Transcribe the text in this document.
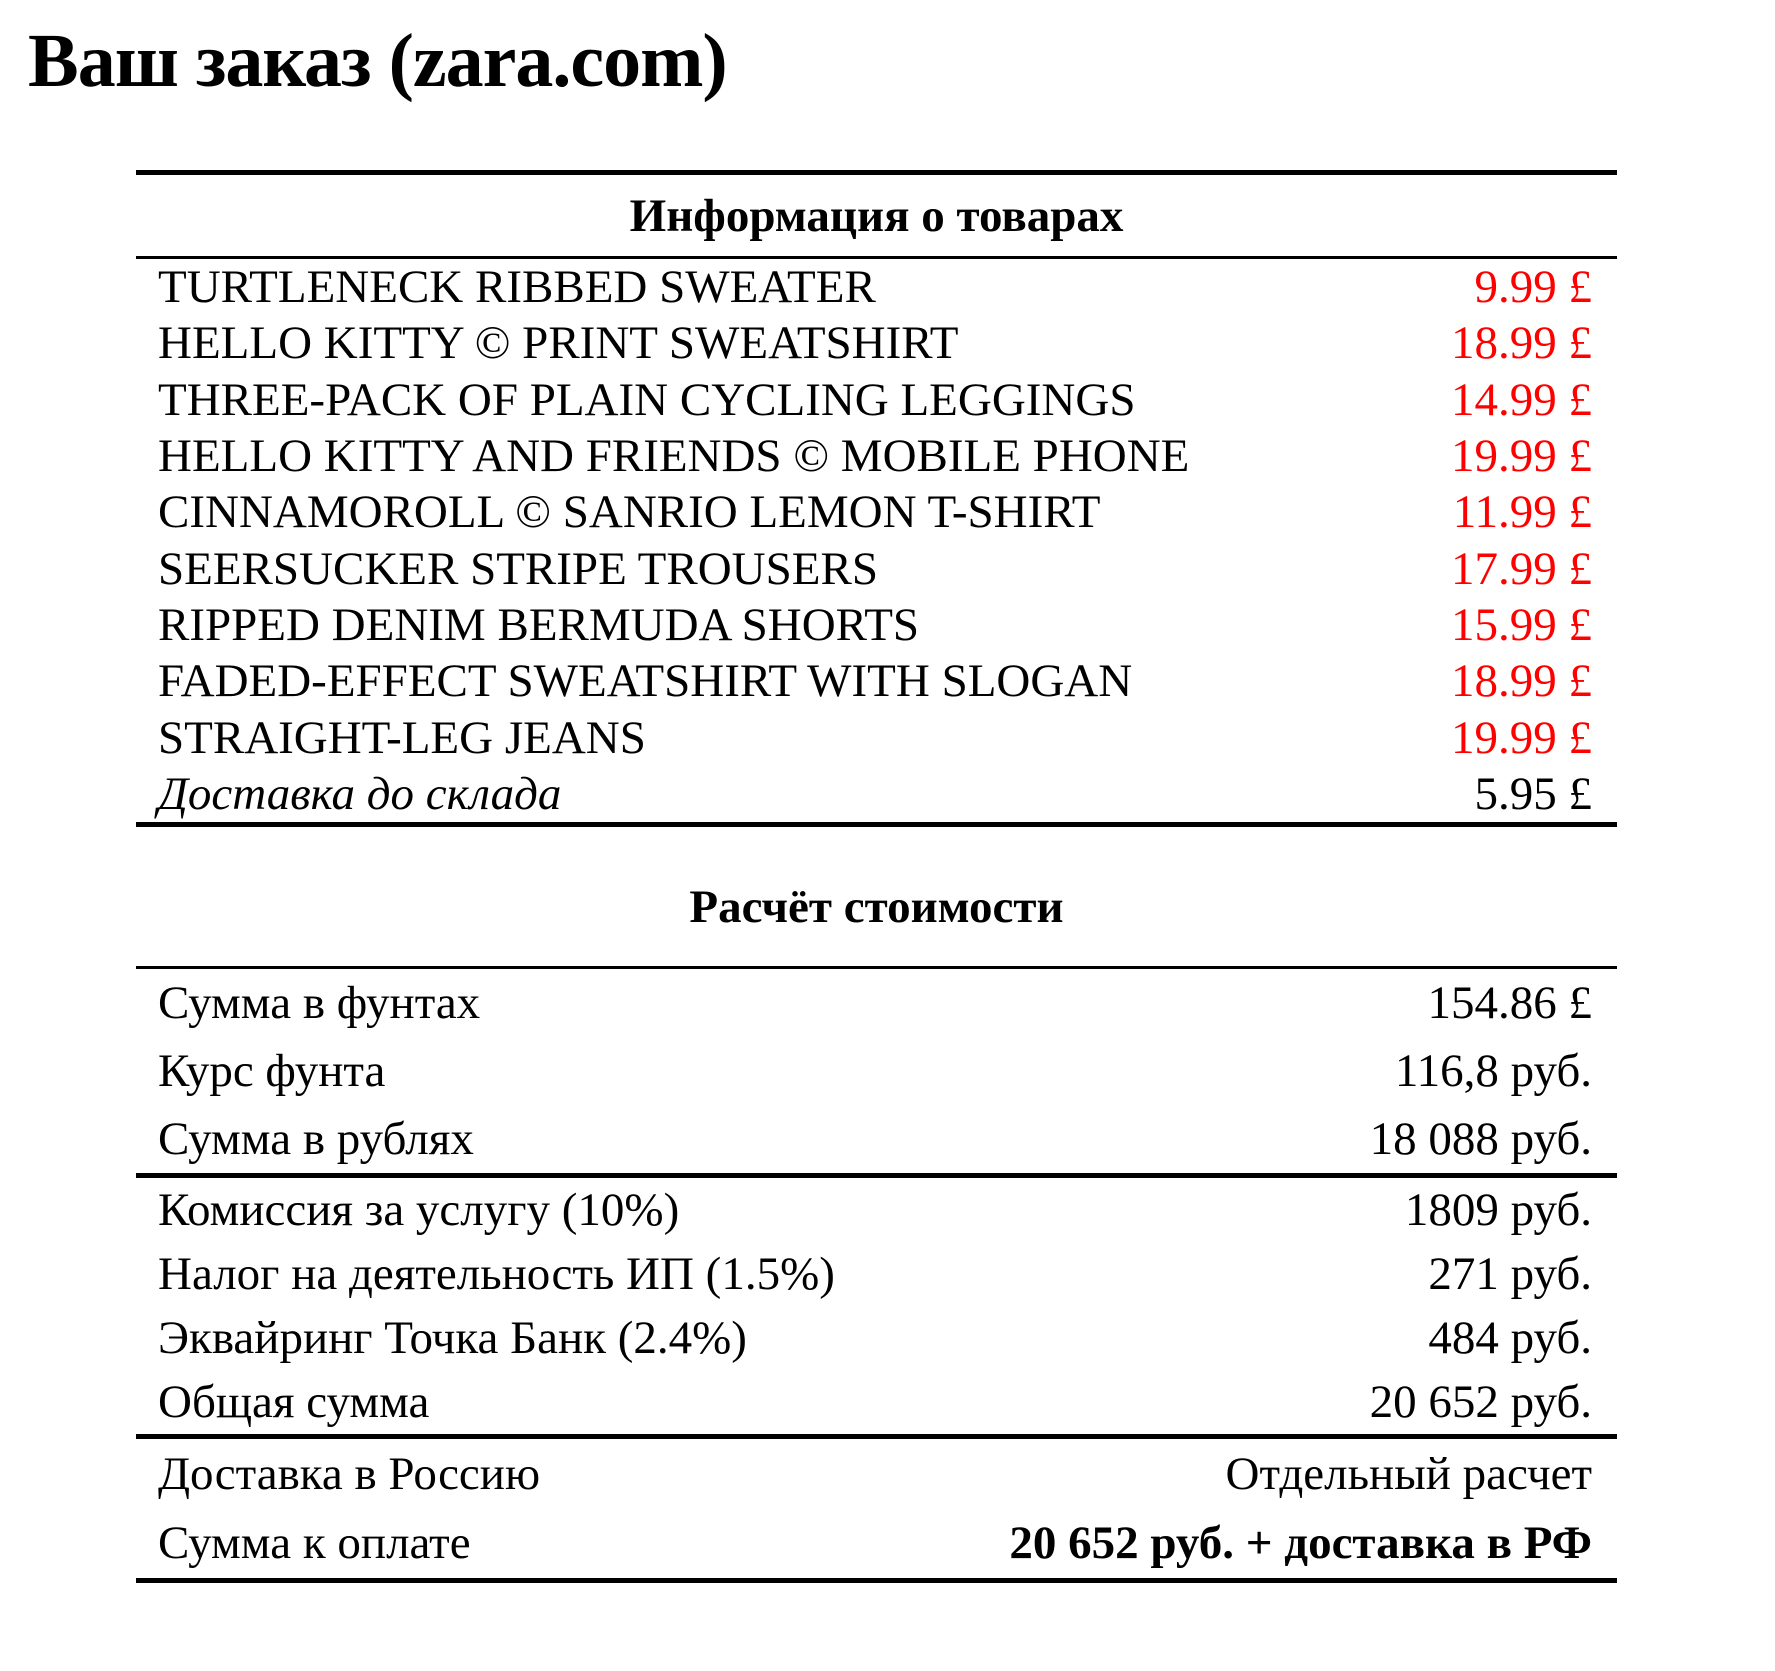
Ваш заказ (zara.com)
Информация о товарах
TURTLENECK RIBBED SWEATER	9.99 £
HELLO KITTY © PRINT SWEATSHIRT	18.99 £
THREE-PACK OF PLAIN CYCLING LEGGINGS	14.99 £
HELLO KITTY AND FRIENDS © MOBILE PHONE	19.99 £
CINNAMOROLL © SANRIO LEMON T-SHIRT	11.99 £
SEERSUCKER STRIPE TROUSERS	17.99 £
RIPPED DENIM BERMUDA SHORTS	15.99 £
FADED-EFFECT SWEATSHIRT WITH SLOGAN	18.99 £
STRAIGHT-LEG JEANS	19.99 £
Доставка до склада	5.95 £
Расчёт стоимости
Сумма в фунтах	154.86 £
Курс фунта	116,8 руб.
Сумма в рублях	18 088 руб.
Комиссия за услугу (10%)	1809 руб.
Налог на деятельность ИП (1.5%)	271 руб.
Эквайринг Точка Банк (2.4%)	484 руб.
Общая сумма	20 652 руб.
Доставка в Россию	Отдельный расчет
Сумма к оплате	20 652 руб. + доставка в РФ
